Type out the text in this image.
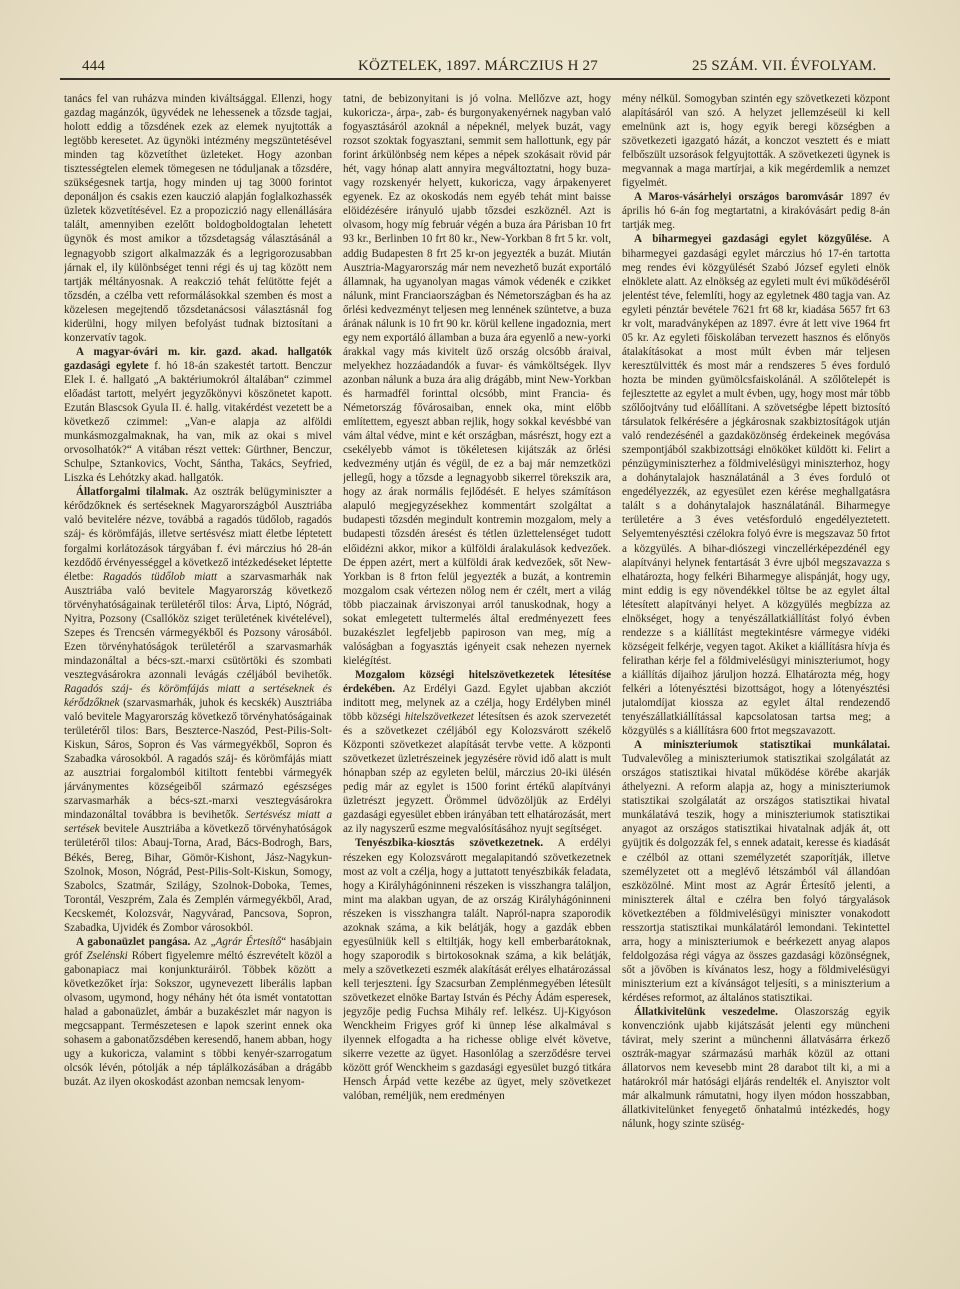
444	KÖZTELEK, 1897. MÁRCZIUS H 27	25 SZÁM. VII. ÉVFOLYAM.

tanács fel van ruházva minden kiváltsággal. Ellenzi, hogy gazdag magánzók, ügyvédek ne lehessenek a tőzsde tagjai, holott eddig a tőzsdének ezek az elemek nyujtották a legtöbb keresetet. Az ügynöki intézmény megszüntetésével minden tag közvetíthet üzleteket. Hogy azonban tisztességtelen elemek tömegesen ne tóduljanak a tőzsdére, szükségesnek tartja, hogy minden uj tag 3000 forintot deponáljon és csakis ezen kauczió alapján foglalkozhassék üzletek közvetítésével. Ez a propoziczió nagy ellenállására talált, amennyiben ezelőtt boldogboldogtalan lehetett ügynök és most amikor a tőzsdetagság választásánál a legnagyobb szigort alkalmazzák és a legrigorozusabban járnak el, ily különbséget tenni régi és uj tag között nem tartják méltányosnak. A reakczió tehát felütötte fejét a tőzsdén, a czélba vett reformálásokkal szemben és most a közelesen megejtendő tőzsdetanácsosi választásnál fog kiderülni, hogy milyen befolyást tudnak biztosítani a konzervatív tagok.

A magyar-óvári m. kir. gazd. akad. hallgatók gazdasági egylete f. hó 18-án szakestét tartott. Benczur Elek I. é. hallgató „A baktériumokról általában“ czimmel előadást tartott, melyért jegyzőkönyvi köszönetet kapott. Ezután Blascsok Gyula II. é. hallg. vitakérdést vezetett be a következő czimmel: „Van-e alapja az alföldi munkásmozgalmaknak, ha van, mik az okai s mivel orvosolhatók?“ A vitában részt vettek: Gürthner, Benczur, Schulpe, Sztankovics, Vocht, Sántha, Takács, Seyfried, Liszka és Lehótzky akad. hallgatók.

Állatforgalmi tilalmak. Az osztrák belügyminiszter a kérődzőknek és sertéseknek Magyarországból Ausztriába való bevitelére nézve, továbbá a ragadós tüdőlob, ragadós száj- és körömfájás, illetve sertésvész miatt életbe léptetett forgalmi korlátozások tárgyában f. évi márczius hó 28-án kezdődő érvényességgel a következő intézkedéseket léptette életbe: Ragadós tüdőlob miatt a szarvasmarhák nak Ausztriába való bevitele Magyarország következő törvényhatóságainak területéről tilos: Árva, Liptó, Nógrád, Nyitra, Pozsony (Csallóköz sziget területének kivételével), Szepes és Trencsén vármegyékből és Pozsony városából. Ezen törvényhatóságok területéről a szarvasmarhák mindazonáltal a bécs-szt.-marxi csütörtöki és szombati vesztegvásárokra azonnali levágás czéljából bevihetők. Ragadós száj- és körömfájás miatt a sertéseknek és kérődzőknek (szarvasmarhák, juhok és kecskék) Ausztriába való bevitele Magyarország következő törvényhatóságainak területéről tilos: Bars, Beszterce-Naszód, Pest-Pilis-Solt-Kiskun, Sáros, Sopron és Vas vármegyékből, Sopron és Szabadka városokból. A ragadós száj- és körömfájás miatt az ausztriai forgalomból kitiltott fentebbi vármegyék járványmentes községeiből származó egészséges szarvasmarhák a bécs-szt.-marxi vesztegvásárokra mindazonáltal továbbra is bevihetők. Sertésvész miatt a sertések bevitele Ausztriába a következő törvényhatóságok területéről tilos: Abauj-Torna, Arad, Bács-Bodrogh, Bars, Békés, Bereg, Bihar, Gömör-Kishont, Jász-Nagykun-Szolnok, Moson, Nógrád, Pest-Pilis-Solt-Kiskun, Somogy, Szabolcs, Szatmár, Szilágy, Szolnok-Doboka, Temes, Torontál, Veszprém, Zala és Zemplén vármegyékből, Arad, Kecskemét, Kolozsvár, Nagyvárad, Pancsova, Sopron, Szabadka, Ujvidék és Zombor városokból.

A gabonaüzlet pangása. Az „Agrár Értesítő“ hasábjain gróf Zselénski Róbert figyelemre méltó észrevételt közöl a gabonapiacz mai konjunkturáiról. Többek között a következőket írja: Sokszor, ugynevezett liberális lapban olvasom, ugymond, hogy néhány hét óta ismét vontatottan halad a gabonaüzlet, ámbár a buzakészlet már nagyon is megcsappant. Természetesen e lapok szerint ennek oka sohasem a gabonatőzsdében keresendő, hanem abban, hogy ugy a kukoricza, valamint s többi kenyér-szarrogatum olcsók lévén, pótolják a nép táplálkozásában a drágább buzát. Az ilyen okoskodást azonban nemcsak lenyom-

tatni, de bebizonyitani is jó volna. Mellőzve azt, hogy kukoricza-, árpa-, zab- és burgonyakenyérnek nagyban való fogyasztásáról azoknál a népeknél, melyek buzát, vagy rozsot szoktak fogyasztani, semmit sem hallottunk, egy pár forint árkülönbség nem képes a népek szokásait rövid pár hét, vagy hónap alatt annyira megváltoztatni, hogy buza- vagy rozskenyér helyett, kukoricza, vagy árpakenyeret egyenek. Ez az okoskodás nem egyéb tehát mint baisse elöidézésére irányuló ujabb tőzsdei eszköznél. Azt is olvasom, hogy míg február végén a buza ára Párisban 10 frt 93 kr., Berlinben 10 frt 80 kr., New-Yorkban 8 frt 5 kr. volt, addig Budapesten 8 frt 25 kr-on jegyezték a buzát. Miután Ausztria-Magyarország már nem nevezhető buzát exportáló államnak, ha ugyanolyan magas vámok védenék e czikket nálunk, mint Franciaországban és Németországban és ha az őrlési kedvezményt teljesen meg lennének szüntetve, a buza árának nálunk is 10 frt 90 kr. körül kellene ingadoznia, mert egy nem exportáló államban a buza ára egyenlő a new-yorki árakkal vagy más kivitelt üző ország olcsóbb áraival, melyekhez hozzáadandók a fuvar- és vámköltségek. Ilyv azonban nálunk a buza ára alig drágább, mint New-Yorkban és harmadfél forinttal olcsóbb, mint Francia- és Németország fővárosaiban, ennek oka, mint előbb említettem, egyeszt abban rejlik, hogy sokkal kevésbbé van vám által védve, mint e két országban, másrészt, hogy ezt a csekélyebb vámot is tökéletesen kijátszák az őrlési kedvezmény utján és végül, de ez a baj már nemzetközi jellegű, hogy a tőzsde a legnagyobb sikerrel törekszik ara, hogy az árak normális fejlődését. E helyes számításon alapuló megjegyzésekhez kommentárt szolgáltat a budapesti tőzsdén megindult kontremin mozgalom, mely a budapesti tőzsdén áresést és tétlen üzlettelenséget tudott előidézni akkor, mikor a külföldi áralakulások kedvezőek. De éppen azért, mert a külföldi árak kedvezőek, sőt New-Yorkban is 8 frton felül jegyezték a buzát, a kontremin mozgalom csak vértezen nölog nem ér czélt, mert a világ több piaczainak árviszonyai arról tanuskodnak, hogy a sokat emlegetett tultermelés által eredményezett fees buzakészlet legfeljebb papiroson van meg, míg a valóságban a fogyasztás igényeit csak nehezen nyernek kielégítést.

Mozgalom községi hitelszövetkezetek létesítése érdekében. Az Erdélyi Gazd. Egylet ujabban akcziót inditott meg, melynek az a czélja, hogy Erdélyben minél több községi hitelszövetkezet létesítsen és azok szervezetét és a szövetkezet czéljából egy Kolozsvárott székelő Központi szövetkezet alapítását tervbe vette. A központi szövetkezet üzletrészeinek jegyzésére rövid idő alatt is mult hónapban szép az egyleten belül, márczius 20-iki ülésén pedig már az egylet is 1500 forint értékű alapítványi üzletrészt jegyzett. Örömmel üdvözöljük az Erdélyi gazdasági egyesület ebben irányában tett elhatározását, mert az ily nagyszerű eszme megvalósításához nyujt segítséget.

Tenyészbika-kiosztás szövetkezetnek. A erdélyi részeken egy Kolozsvárott megalapitandó szövetkezetnek most az volt a czélja, hogy a juttatott tenyészbikák feladata, hogy a Királyhágóninneni részeken is visszhangra találjon, mint ma alakban ugyan, de az ország Királyhágóninneni részeken is visszhangra talált. Napról-napra szaporodik azoknak száma, a kik belátják, hogy a gazdák ebben egyesülniük kell s eltiltják, hogy kell emberbarátoknak, hogy szaporodik s birtokosoknak száma, a kik belátják, mely a szövetkezeti eszmék alakítását erélyes elhatározással kell terjeszteni. Így Szacsurban Zemplénmegyében létesült szövetkezet elnöke Bartay István és Péchy Ádám esperesek, jegyzője pedig Fuchsa Mihály ref. lelkész. Uj-Kigyóson Wenckheim Frigyes gróf ki ünnep lése alkalmával s ilyennek elfogadta a ha richesse oblige elvét követve, sikerre vezette az ügyet. Hasonlólag a szerződésre tervei között gróf Wenckheim s gazdasági egyesület buzgó titkára Hensch Árpád vette kezébe az ügyet, mely szövetkezet valóban, reméljük, nem eredményen

mény nélkül. Somogyban szintén egy szövetkezeti központ alapításáról van szó. A helyzet jellemzéseül ki kell emelnünk azt is, hogy egyik beregi községben a szövetkezeti igazgató házát, a konczot vesztett és e miatt felbőszült uzsorások felgyujtották. A szövetkezeti ügynek is megvannak a maga martírjai, a kik megérdemlik a nemzet figyelmét.

A Maros-vásárhelyi országos baromvásár 1897 év április hó 6-án fog megtartatni, a kirakóvásárt pedig 8-án tartják meg.

A biharmegyei gazdasági egylet közgyűlése. A biharmegyei gazdasági egylet márczius hó 17-én tartotta meg rendes évi közgyülését Szabó József egyleti elnök elnöklete alatt. Az elnökség az egyleti mult évi működéséről jelentést téve, felemlíti, hogy az egyletnek 480 tagja van. Az egyleti pénztár bevétele 7621 frt 68 kr, kiadása 5657 frt 63 kr volt, maradványképen az 1897. évre át lett vive 1964 frt 05 kr. Az egyleti főiskolában tervezett hasznos és előnyös átalakításokat a most múlt évben már teljesen keresztülvitték és most már a rendszeres 5 éves forduló hozta be minden gyümölcsfaiskolánál. A szőlőtelepét is fejlesztette az egylet a mult évben, ugy, hogy most már több szőlőojtvány tud előállítani. A szövetségbe lépett biztosító társulatok felkérésére a jégkárosnak szakbiztosítágok utján való rendezésénél a gazdaközönség érdekeinek megóvása szempontjából szakbizottsági elnököket küldött ki. Felirt a pénzügyminiszterhez a földmivelésügyi miniszterhoz, hogy a dohánytalajok használatánál a 3 éves forduló ot engedélyezzék, az egyesület ezen kérése meghallgatásra talált s a dohánytalajok használatánál. Biharmegye területére a 3 éves vetésforduló engedélyeztetett. Selyemtenyésztési czélokra folyó évre is megszavaz 50 frtot a közgyülés. A bihar-diószegi vinczellérképezdénél egy alapítványi helynek fentartását 3 évre ujból megszavazza s elhatározta, hogy felkéri Biharmegye alispánját, hogy ugy, mint eddig is egy növendékkel töltse be az egylet által létesített alapítványi helyet. A közgyülés megbízza az elnökséget, hogy a tenyészállatkiállítást folyó évben rendezze s a kiállítást megtekintésre vármegye vidéki községeit felkérje, vegyen tagot. Akiket a kiállításra hívja és felirathan kérje fel a földmivelésügyi miniszteriumot, hogy a kiállítás díjaihoz járuljon hozzá. Elhatározta még, hogy felkéri a lótenyésztési bizottságot, hogy a lótenyésztési jutalomdíjat kiossza az egylet által rendezendő tenyészállatkiállítással kapcsolatosan tartsa meg; a közgyülés s a kiállításra 600 frtot megszavazott.

A miniszteriumok statisztikai munkálatai. Tudvalevőleg a miniszteriumok statisztikai szolgálatát az országos statisztikai hivatal működése körébe akarják áthelyezni. A reform alapja az, hogy a miniszteriumok statisztikai szolgálatát az országos statisztikai hivatal munkálatává teszik, hogy a miniszteriumok statisztikai anyagot az országos statisztikai hivatalnak adják át, ott gyüjtik és dolgozzák fel, s ennek adatait, keresse és kiadását e czélból az ottani személyzetét szaporítják, illetve személyzetet ott a meglévő létszámból vál állandóan eszközölné. Mint most az Agrár Értesítő jelenti, a miniszterek által e czélra ben folyó tárgyalások következtében a földmivelésügyi miniszter vonakodott resszortja statisztikai munkálatáról lemondani. Tekintettel arra, hogy a miniszteriumok e beérkezett anyag alapos feldolgozása régi vágya az összes gazdasági közönségnek, sőt a jövőben is kívánatos lesz, hogy a földmivelésügyi miniszterium ezt a kívánságot teljesíti, s a miniszterium a kérdéses reformot, az általános statisztikai.

Állatkivitelünk veszedelme. Olaszország egyik konvencziónk ujabb kijátszását jelenti egy müncheni távirat, mely szerint a münchenni állatvásárra érkező osztrák-magyar származású marhák közül az ottani állatorvos nem kevesebb mint 28 darabot tilt ki, a mi a határokról már hatósági eljárás rendelték el. Anyisztor volt már alkalmunk rámutatni, hogy ilyen módon hosszabban, állatkivitelünket fenyegető őnhatalmú intézkedés, hogy nálunk, hogy szinte szüség-
